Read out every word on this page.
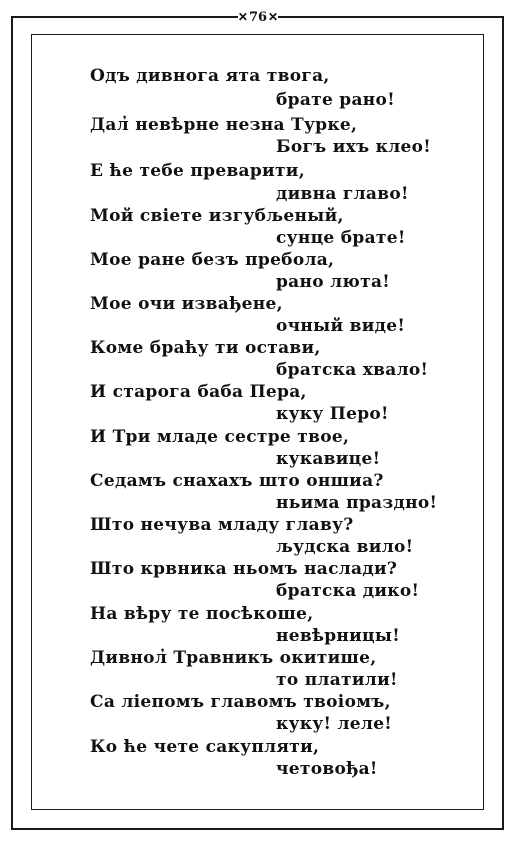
✕ 76 ✕
Одъ дивнога ята твога,
брате рано!
Дал̓ невѣрне незна Турке,
Богъ ихъ клео!
Е ће тебе преварити,
дивна главо!
Мой свіете изгубљеный,
сунце брате!
Мое ране безъ пребола,
рано люта!
Мое очи извађене,
очный виде!
Коме браћу ти остави,
братска хвало!
И старога баба Пера,
куку Перо!
И Три младе сестре твое,
кукавице!
Седамъ снахахъ што оншиа?
ньима праздно!
Што нечува младу главу?
људска вило!
Што крвника ньомъ наслади?
братска дико!
На вѣру те посѣкоше,
невѣрницы!
Дивнол̓ Травникъ окитише,
то платили!
Са ліепомъ главомъ твоіомъ,
куку! леле!
Ко ће чете сакупляти,
четовођа!
